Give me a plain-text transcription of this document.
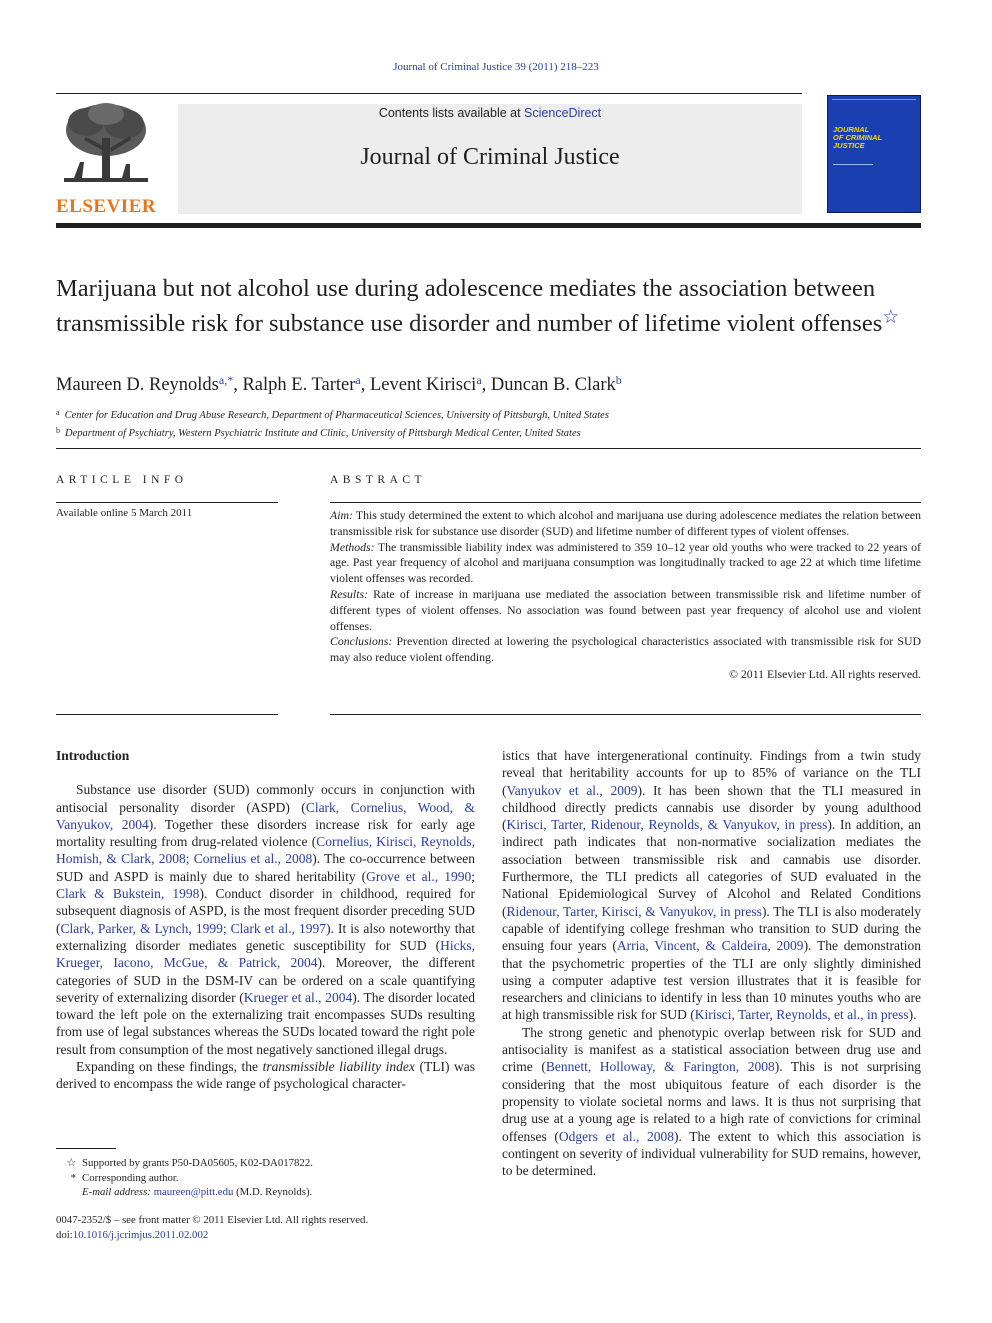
Journal of Criminal Justice 39 (2011) 218–223
ELSEVIER
Contents lists available at ScienceDirect
Journal of Criminal Justice
JOURNAL
OF CRIMINAL
JUSTICE
Marijuana but not alcohol use during adolescence mediates the association between transmissible risk for substance use disorder and number of lifetime violent offenses☆
Maureen D. Reynolds$^{a,*}$, Ralph E. Tarter$^a$, Levent Kirisci$^a$, Duncan B. Clark$^b$
$^a$ Center for Education and Drug Abuse Research, Department of Pharmaceutical Sciences, University of Pittsburgh, United States
$^b$ Department of Psychiatry, Western Psychiatric Institute and Clinic, University of Pittsburgh Medical Center, United States
ARTICLE INFO
Available online 5 March 2011
ABSTRACT

Aim: This study determined the extent to which alcohol and marijuana use during adolescence mediates the relation between transmissible risk for substance use disorder (SUD) and lifetime number of different types of violent offenses.

Methods: The transmissible liability index was administered to 359 10–12 year old youths who were tracked to 22 years of age. Past year frequency of alcohol and marijuana consumption was longitudinally tracked to age 22 at which time lifetime violent offenses was recorded.

Results: Rate of increase in marijuana use mediated the association between transmissible risk and lifetime number of different types of violent offenses. No association was found between past year frequency of alcohol use and violent offenses.

Conclusions: Prevention directed at lowering the psychological characteristics associated with transmissible risk for SUD may also reduce violent offending.

© 2011 Elsevier Ltd. All rights reserved.

Introduction

Substance use disorder (SUD) commonly occurs in conjunction with antisocial personality disorder (ASPD) (Clark, Cornelius, Wood, & Vanyukov, 2004). Together these disorders increase risk for early age mortality resulting from drug-related violence (Cornelius, Kirisci, Reynolds, Homish, & Clark, 2008; Cornelius et al., 2008). The co-occurrence between SUD and ASPD is mainly due to shared heritability (Grove et al., 1990; Clark & Bukstein, 1998). Conduct disorder in childhood, required for subsequent diagnosis of ASPD, is the most frequent disorder preceding SUD (Clark, Parker, & Lynch, 1999; Clark et al., 1997). It is also noteworthy that externalizing disorder mediates genetic susceptibility for SUD (Hicks, Krueger, Iacono, McGue, & Patrick, 2004). Moreover, the different categories of SUD in the DSM-IV can be ordered on a scale quantifying severity of externalizing disorder (Krueger et al., 2004). The disorder located toward the left pole on the externalizing trait encompasses SUDs resulting from use of legal substances whereas the SUDs located toward the right pole result from consumption of the most negatively sanctioned illegal drugs.

Expanding on these findings, the transmissible liability index (TLI) was derived to encompass the wide range of psychological character-

istics that have intergenerational continuity. Findings from a twin study reveal that heritability accounts for up to 85% of variance on the TLI (Vanyukov et al., 2009). It has been shown that the TLI measured in childhood directly predicts cannabis use disorder by young adulthood (Kirisci, Tarter, Ridenour, Reynolds, & Vanyukov, in press). In addition, an indirect path indicates that non-normative socialization mediates the association between transmissible risk and cannabis use disorder. Furthermore, the TLI predicts all categories of SUD evaluated in the National Epidemiological Survey of Alcohol and Related Conditions (Ridenour, Tarter, Kirisci, & Vanyukov, in press). The TLI is also moderately capable of identifying college freshman who transition to SUD during the ensuing four years (Arria, Vincent, & Caldeira, 2009). The demonstration that the psychometric properties of the TLI are only slightly diminished using a computer adaptive test version illustrates that it is feasible for researchers and clinicians to identify in less than 10 minutes youths who are at high transmissible risk for SUD (Kirisci, Tarter, Reynolds, et al., in press).

The strong genetic and phenotypic overlap between risk for SUD and antisociality is manifest as a statistical association between drug use and crime (Bennett, Holloway, & Farington, 2008). This is not surprising considering that the most ubiquitous feature of each disorder is the propensity to violate societal norms and laws. It is thus not surprising that drug use at a young age is related to a high rate of convictions for criminal offenses (Odgers et al., 2008). The extent to which this association is contingent on severity of individual vulnerability for SUD remains, however, to be determined.

☆ Supported by grants P50-DA05605, K02-DA017822.

* Corresponding author.

E-mail address: maureen@pitt.edu (M.D. Reynolds).

0047-2352/$ – see front matter © 2011 Elsevier Ltd. All rights reserved.

doi:10.1016/j.jcrimjus.2011.02.002
